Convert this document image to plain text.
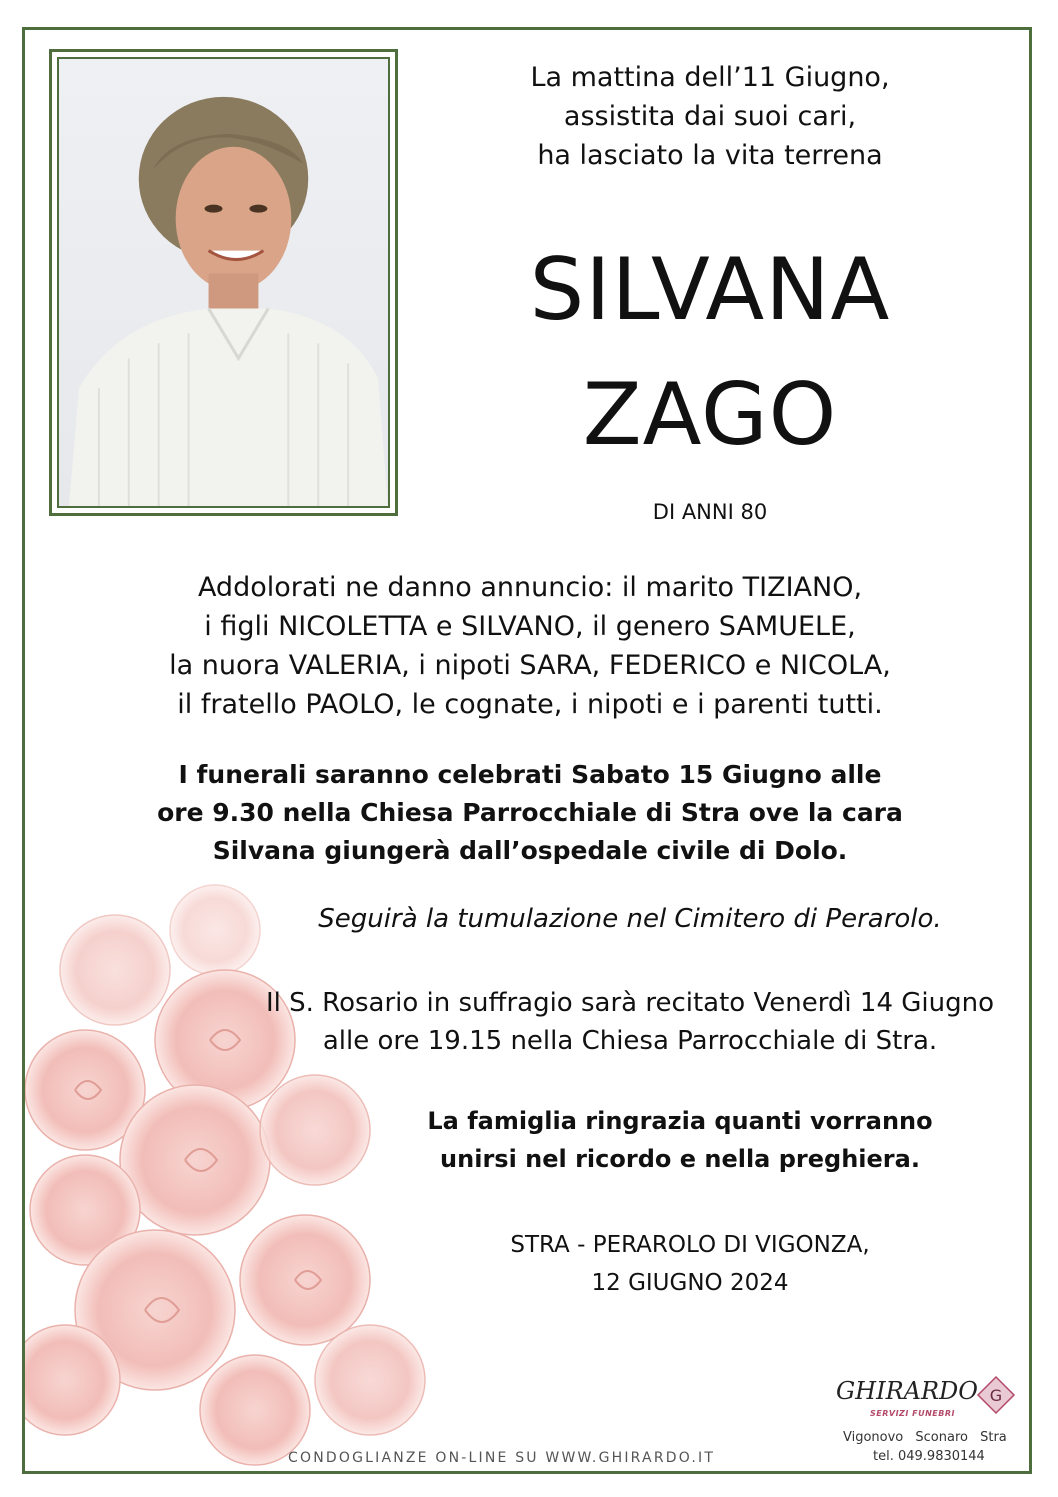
La mattina dell’11 Giugno,
assistita dai suoi cari,
ha lasciato la vita terrena
SILVANA
ZAGO
DI ANNI 80
Addolorati ne danno annuncio: il marito TIZIANO,
i figli NICOLETTA e SILVANO, il genero SAMUELE,
la nuora VALERIA, i nipoti SARA, FEDERICO e NICOLA,
il fratello PAOLO, le cognate, i nipoti e i parenti tutti.
I funerali saranno celebrati Sabato 15 Giugno alle
ore 9.30 nella Chiesa Parrocchiale di Stra ove la cara
Silvana giungerà dall’ospedale civile di Dolo.
Seguirà la tumulazione nel Cimitero di Perarolo.
Il S. Rosario in suffragio sarà recitato Venerdì 14 Giugno
alle ore 19.15 nella Chiesa Parrocchiale di Stra.
La famiglia ringrazia quanti vorranno
unirsi nel ricordo e nella preghiera.
STRA - PERAROLO DI VIGONZA,
12 GIUGNO 2024
GHIRARDO
SERVIZI FUNEBRI
G
Vigonovo Sconaro Stra
tel. 049.9830144
CONDOGLIANZE ON-LINE SU WWW.GHIRARDO.IT
